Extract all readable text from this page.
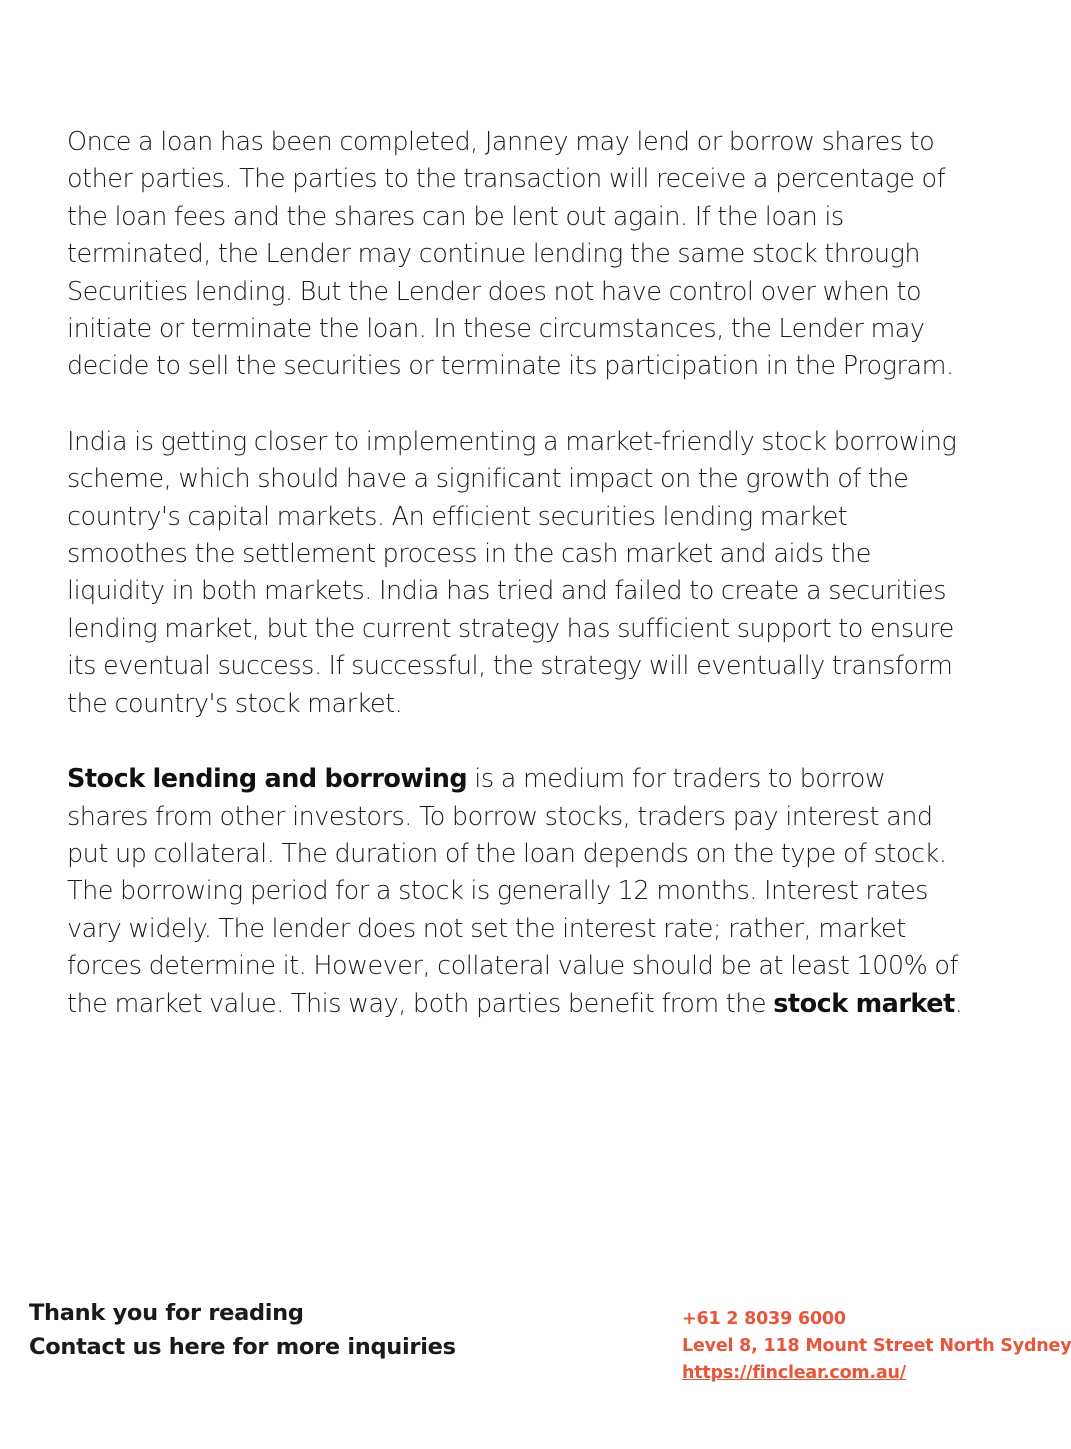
Once a loan has been completed, Janney may lend or borrow shares to other parties. The parties to the transaction will receive a percentage of the loan fees and the shares can be lent out again. If the loan is terminated, the Lender may continue lending the same stock through Securities lending. But the Lender does not have control over when to initiate or terminate the loan. In these circumstances, the Lender may decide to sell the securities or terminate its participation in the Program.

India is getting closer to implementing a market-friendly stock borrowing scheme, which should have a significant impact on the growth of the country's capital markets. An efficient securities lending market smoothes the settlement process in the cash market and aids the liquidity in both markets. India has tried and failed to create a securities lending market, but the current strategy has sufficient support to ensure its eventual success. If successful, the strategy will eventually transform the country's stock market.

Stock lending and borrowing is a medium for traders to borrow shares from other investors. To borrow stocks, traders pay interest and put up collateral. The duration of the loan depends on the type of stock. The borrowing period for a stock is generally 12 months. Interest rates vary widely. The lender does not set the interest rate; rather, market forces determine it. However, collateral value should be at least 100% of the market value. This way, both parties benefit from the stock market.

Thank you for reading
Contact us here for more inquiries
+61 2 8039 6000
Level 8, 118 Mount Street North Sydney
https://finclear.com.au/
